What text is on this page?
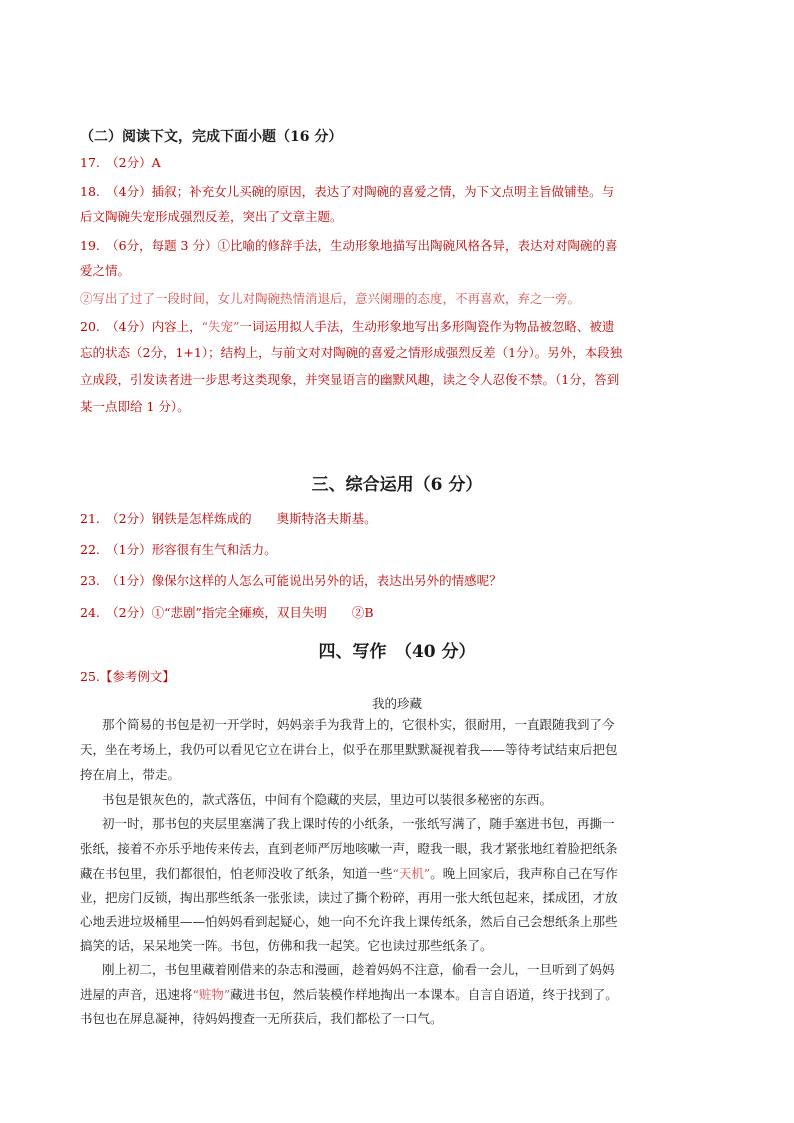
（二）阅读下文，完成下面小题（16 分）
17.　（2分）A
18.　（4分）插叙；补充女儿买碗的原因，表达了对陶碗的喜爱之情，为下文点明主旨做铺垫。与
后文陶碗失宠形成强烈反差，突出了文章主题。
19.　（6分，每题 3 分）①比喻的修辞手法，生动形象地描写出陶碗风格各异，表达对对陶碗的喜
爱之情。
②写出了过了一段时间，女儿对陶碗热情消退后，意兴阑珊的态度，不再喜欢，弃之一旁。
20.　（4分）内容上，“失宠”一词运用拟人手法，生动形象地写出多形陶瓷作为物品被忽略、被遗
忘的状态（2分，1+1）；结构上，与前文对对陶碗的喜爱之情形成强烈反差（1分）。另外，本段独
立成段，引发读者进一步思考这类现象，并突显语言的幽默风趣，读之令人忍俊不禁。（1分，答到
某一点即给 1 分）。
三、综合运用（6 分）
21.　（2分）钢铁是怎样炼成的　　奥斯特洛夫斯基。
22.　（1分）形容很有生气和活力。
23.　（1分）像保尔这样的人怎么可能说出另外的话，表达出另外的情感呢？
24.　（2分）①“悲剧”指完全瘫痪，双目失明　　②B
四、写作　（40 分）
25.【参考例文】
我的珍藏
那个简易的书包是初一开学时，妈妈亲手为我背上的，它很朴实，很耐用，一直跟随我到了今
天，坐在考场上，我仍可以看见它立在讲台上，似乎在那里默默凝视着我——等待考试结束后把包
挎在肩上，带走。
书包是银灰色的，款式落伍，中间有个隐藏的夹层，里边可以装很多秘密的东西。
初一时，那书包的夹层里塞满了我上课时传的小纸条，一张纸写满了，随手塞进书包，再撕一
张纸，接着不亦乐乎地传来传去，直到老师严厉地咳嗽一声，瞪我一眼，我才紧张地红着脸把纸条
藏在书包里，我们都很怕，怕老师没收了纸条，知道一些“天机”。晚上回家后，我声称自己在写作
业，把房门反锁，掏出那些纸条一张张读，读过了撕个粉碎，再用一张大纸包起来，揉成团，才放
心地丢进垃圾桶里——怕妈妈看到起疑心，她一向不允许我上课传纸条，然后自己会想纸条上那些
搞笑的话，呆呆地笑一阵。书包，仿佛和我一起笑。它也读过那些纸条了。
刚上初二，书包里藏着刚借来的杂志和漫画，趁着妈妈不注意，偷看一会儿，一旦听到了妈妈
进屋的声音，迅速将“赃物”藏进书包，然后装模作样地掏出一本课本。自言自语道，终于找到了。
书包也在屏息凝神，待妈妈搜查一无所获后，我们都松了一口气。
